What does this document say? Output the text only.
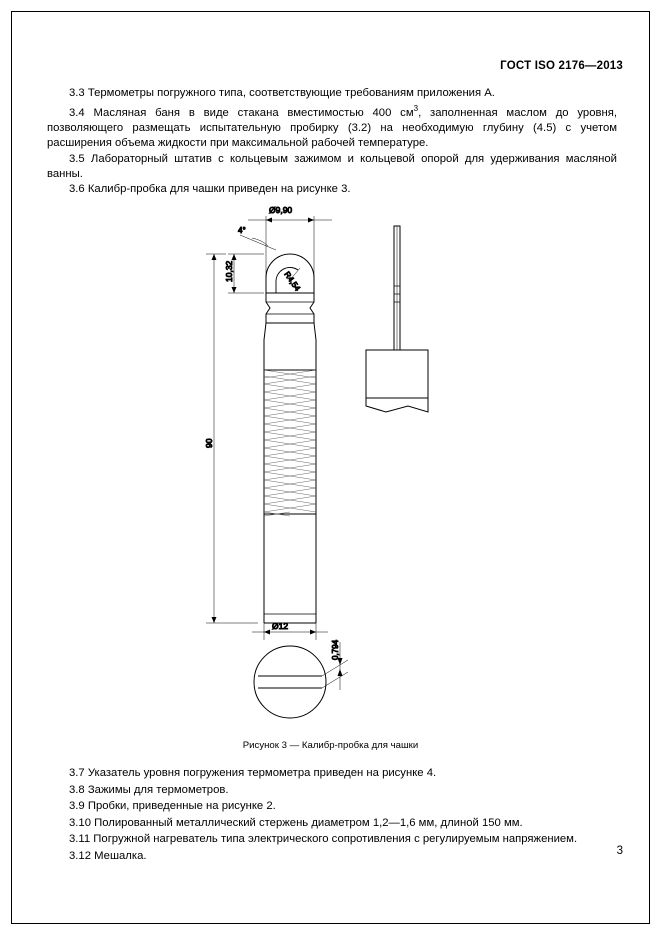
ГОСТ ISO 2176—2013

3.3 Термометры погружного типа, соответствующие требованиям приложения А.

3.4 Масляная баня в виде стакана вместимостью 400 $см^3$, заполненная маслом до уровня, позволяющего размещать испытательную пробирку (3.2) на необходимую глубину (4.5) с учетом расширения объема жидкости при максимальной рабочей температуре.

3.5 Лабораторный штатив с кольцевым зажимом и кольцевой опорой для удерживания масляной ванны.

3.6 Калибр-пробка для чашки приведен на рисунке 3.

Ø9,90
4°
R4,54
10,32
90
Ø12
0,794
Рисунок 3 — Калибр-пробка для чашки

3.7 Указатель уровня погружения термометра приведен на рисунке 4.

3.8 Зажимы для термометров.

3.9 Пробки, приведенные на рисунке 2.

3.10 Полированный металлический стержень диаметром 1,2—1,6 мм, длиной 150 мм.

3.11 Погружной нагреватель типа электрического сопротивления с регулируемым напряжением.

3.12 Мешалка.	3
